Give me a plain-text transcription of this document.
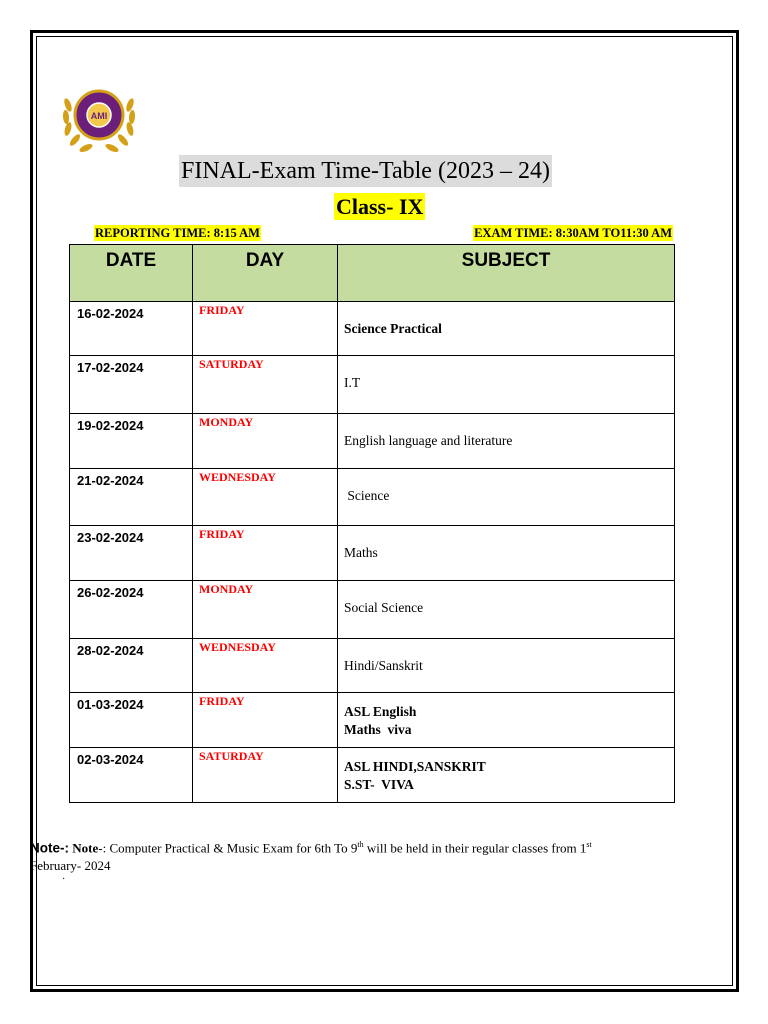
AMI
FINAL-Exam Time-Table (2023 – 24)
Class- IX
REPORTING TIME: 8:15 AM	EXAM TIME: 8:30AM TO11:30 AM
DATE	DAY	SUBJECT

16-02-2024	FRIDAY	Science Practical

17-02-2024	SATURDAY	I.T

19-02-2024	MONDAY	English language and literature

21-02-2024	WEDNESDAY	Science

23-02-2024	FRIDAY	Maths

26-02-2024	MONDAY	Social Science

28-02-2024	WEDNESDAY	Hindi/Sanskrit

01-03-2024	FRIDAY	ASL English
Maths  viva

02-03-2024	SATURDAY	ASL HINDI,SANSKRIT
S.ST-  VIVA
Note-: Note-: Computer Practical & Music Exam for 6th To 9th will be held in their regular classes from 1st
February- 2024
·
